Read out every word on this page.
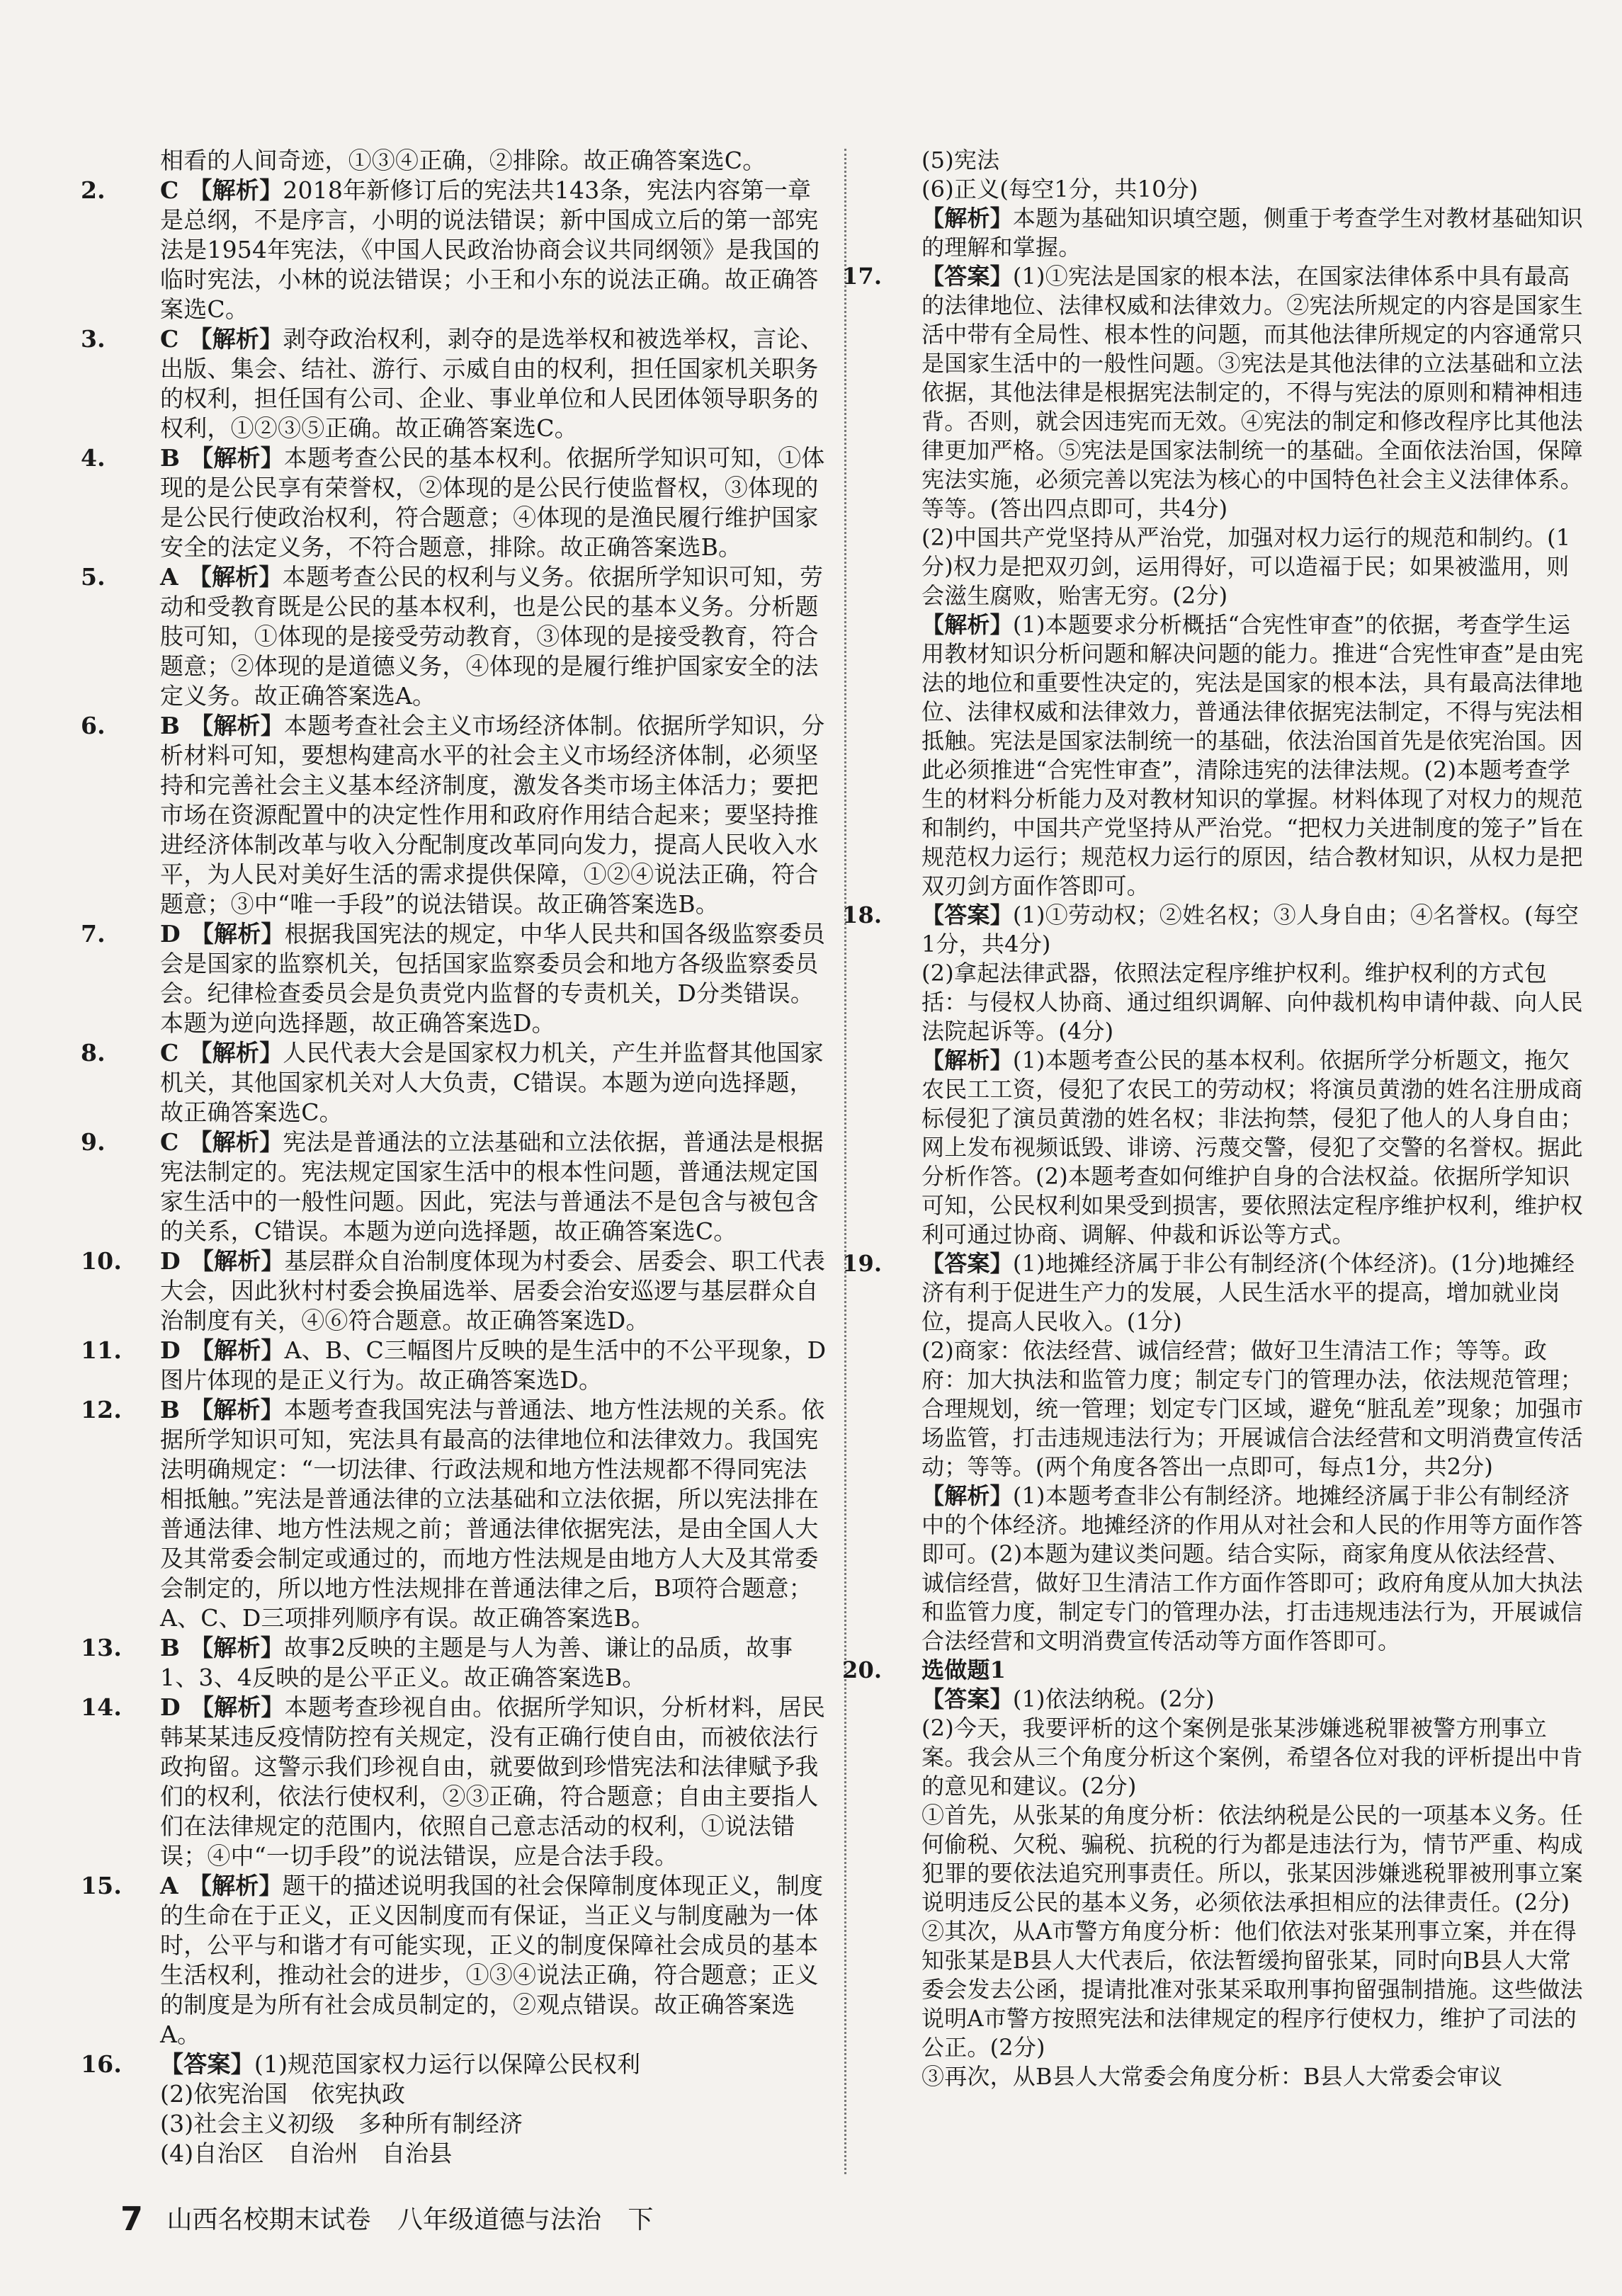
相看的人间奇迹，①③④正确，②排除。故正确答案选C。
2. C 【解析】2018年新修订后的宪法共143条，宪法内容第一章是总纲，不是序言，小明的说法错误；新中国成立后的第一部宪法是1954年宪法，《中国人民政治协商会议共同纲领》是我国的临时宪法，小林的说法错误；小王和小东的说法正确。故正确答案选C。
3. C 【解析】剥夺政治权利，剥夺的是选举权和被选举权，言论、出版、集会、结社、游行、示威自由的权利，担任国家机关职务的权利，担任国有公司、企业、事业单位和人民团体领导职务的权利，①②③⑤正确。故正确答案选C。
4. B 【解析】本题考查公民的基本权利。依据所学知识可知，①体现的是公民享有荣誉权，②体现的是公民行使监督权，③体现的是公民行使政治权利，符合题意；④体现的是渔民履行维护国家安全的法定义务，不符合题意，排除。故正确答案选B。
5. A 【解析】本题考查公民的权利与义务。依据所学知识可知，劳动和受教育既是公民的基本权利，也是公民的基本义务。分析题肢可知，①体现的是接受劳动教育，③体现的是接受教育，符合题意；②体现的是道德义务，④体现的是履行维护国家安全的法定义务。故正确答案选A。
6. B 【解析】本题考查社会主义市场经济体制。依据所学知识，分析材料可知，要想构建高水平的社会主义市场经济体制，必须坚持和完善社会主义基本经济制度，激发各类市场主体活力；要把市场在资源配置中的决定性作用和政府作用结合起来；要坚持推进经济体制改革与收入分配制度改革同向发力，提高人民收入水平，为人民对美好生活的需求提供保障，①②④说法正确，符合题意；③中“唯一手段”的说法错误。故正确答案选B。
7. D 【解析】根据我国宪法的规定，中华人民共和国各级监察委员会是国家的监察机关，包括国家监察委员会和地方各级监察委员会。纪律检查委员会是负责党内监督的专责机关，D分类错误。本题为逆向选择题，故正确答案选D。
8. C 【解析】人民代表大会是国家权力机关，产生并监督其他国家机关，其他国家机关对人大负责，C错误。本题为逆向选择题，故正确答案选C。
9. C 【解析】宪法是普通法的立法基础和立法依据，普通法是根据宪法制定的。宪法规定国家生活中的根本性问题，普通法规定国家生活中的一般性问题。因此，宪法与普通法不是包含与被包含的关系，C错误。本题为逆向选择题，故正确答案选C。
10. D 【解析】基层群众自治制度体现为村委会、居委会、职工代表大会，因此狄村村委会换届选举、居委会治安巡逻与基层群众自治制度有关，④⑥符合题意。故正确答案选D。
11. D 【解析】A、B、C三幅图片反映的是生活中的不公平现象，D图片体现的是正义行为。故正确答案选D。
12. B 【解析】本题考查我国宪法与普通法、地方性法规的关系。依据所学知识可知，宪法具有最高的法律地位和法律效力。我国宪法明确规定：“一切法律、行政法规和地方性法规都不得同宪法相抵触。”宪法是普通法律的立法基础和立法依据，所以宪法排在普通法律、地方性法规之前；普通法律依据宪法，是由全国人大及其常委会制定或通过的，而地方性法规是由地方人大及其常委会制定的，所以地方性法规排在普通法律之后，B项符合题意；A、C、D三项排列顺序有误。故正确答案选B。
13. B 【解析】故事2反映的主题是与人为善、谦让的品质，故事1、3、4反映的是公平正义。故正确答案选B。
14. D 【解析】本题考查珍视自由。依据所学知识，分析材料，居民韩某某违反疫情防控有关规定，没有正确行使自由，而被依法行政拘留。这警示我们珍视自由，就要做到珍惜宪法和法律赋予我们的权利，依法行使权利，②③正确，符合题意；自由主要指人们在法律规定的范围内，依照自己意志活动的权利，①说法错误；④中“一切手段”的说法错误，应是合法手段。
15. A 【解析】题干的描述说明我国的社会保障制度体现正义，制度的生命在于正义，正义因制度而有保证，当正义与制度融为一体时，公平与和谐才有可能实现，正义的制度保障社会成员的基本生活权利，推动社会的进步，①③④说法正确，符合题意；正义的制度是为所有社会成员制定的，②观点错误。故正确答案选A。
16. 【答案】(1)规范国家权力运行以保障公民权利
(2)依宪治国　依宪执政
(3)社会主义初级　多种所有制经济
(4)自治区　自治州　自治县
(5)宪法
(6)正义(每空1分，共10分)
【解析】本题为基础知识填空题，侧重于考查学生对教材基础知识的理解和掌握。
17. 【答案】(1)①宪法是国家的根本法，在国家法律体系中具有最高的法律地位、法律权威和法律效力。②宪法所规定的内容是国家生活中带有全局性、根本性的问题，而其他法律所规定的内容通常只是国家生活中的一般性问题。③宪法是其他法律的立法基础和立法依据，其他法律是根据宪法制定的，不得与宪法的原则和精神相违背。否则，就会因违宪而无效。④宪法的制定和修改程序比其他法律更加严格。⑤宪法是国家法制统一的基础。全面依法治国，保障宪法实施，必须完善以宪法为核心的中国特色社会主义法律体系。等等。(答出四点即可，共4分)
(2)中国共产党坚持从严治党，加强对权力运行的规范和制约。(1分)权力是把双刃剑，运用得好，可以造福于民；如果被滥用，则会滋生腐败，贻害无穷。(2分)
【解析】(1)本题要求分析概括“合宪性审查”的依据，考查学生运用教材知识分析问题和解决问题的能力。推进“合宪性审查”是由宪法的地位和重要性决定的，宪法是国家的根本法，具有最高法律地位、法律权威和法律效力，普通法律依据宪法制定，不得与宪法相抵触。宪法是国家法制统一的基础，依法治国首先是依宪治国。因此必须推进“合宪性审查”，清除违宪的法律法规。(2)本题考查学生的材料分析能力及对教材知识的掌握。材料体现了对权力的规范和制约，中国共产党坚持从严治党。“把权力关进制度的笼子”旨在规范权力运行；规范权力运行的原因，结合教材知识，从权力是把双刃剑方面作答即可。
18. 【答案】(1)①劳动权；②姓名权；③人身自由；④名誉权。(每空1分，共4分)
(2)拿起法律武器，依照法定程序维护权利。维护权利的方式包括：与侵权人协商、通过组织调解、向仲裁机构申请仲裁、向人民法院起诉等。(4分)
【解析】(1)本题考查公民的基本权利。依据所学分析题文，拖欠农民工工资，侵犯了农民工的劳动权；将演员黄渤的姓名注册成商标侵犯了演员黄渤的姓名权；非法拘禁，侵犯了他人的人身自由；网上发布视频诋毁、诽谤、污蔑交警，侵犯了交警的名誉权。据此分析作答。(2)本题考查如何维护自身的合法权益。依据所学知识可知，公民权利如果受到损害，要依照法定程序维护权利，维护权利可通过协商、调解、仲裁和诉讼等方式。
19. 【答案】(1)地摊经济属于非公有制经济(个体经济)。(1分)地摊经济有利于促进生产力的发展，人民生活水平的提高，增加就业岗位，提高人民收入。(1分)
(2)商家：依法经营、诚信经营；做好卫生清洁工作；等等。政府：加大执法和监管力度；制定专门的管理办法，依法规范管理；合理规划，统一管理；划定专门区域，避免“脏乱差”现象；加强市场监管，打击违规违法行为；开展诚信合法经营和文明消费宣传活动；等等。(两个角度各答出一点即可，每点1分，共2分)
【解析】(1)本题考查非公有制经济。地摊经济属于非公有制经济中的个体经济。地摊经济的作用从对社会和人民的作用等方面作答即可。(2)本题为建议类问题。结合实际，商家角度从依法经营、诚信经营，做好卫生清洁工作方面作答即可；政府角度从加大执法和监管力度，制定专门的管理办法，打击违规违法行为，开展诚信合法经营和文明消费宣传活动等方面作答即可。
20. 选做题1
【答案】(1)依法纳税。(2分)
(2)今天，我要评析的这个案例是张某涉嫌逃税罪被警方刑事立案。我会从三个角度分析这个案例，希望各位对我的评析提出中肯的意见和建议。(2分)
①首先，从张某的角度分析：依法纳税是公民的一项基本义务。任何偷税、欠税、骗税、抗税的行为都是违法行为，情节严重、构成犯罪的要依法追究刑事责任。所以，张某因涉嫌逃税罪被刑事立案说明违反公民的基本义务，必须依法承担相应的法律责任。(2分)
②其次，从A市警方角度分析：他们依法对张某刑事立案，并在得知张某是B县人大代表后，依法暂缓拘留张某，同时向B县人大常委会发去公函，提请批准对张某采取刑事拘留强制措施。这些做法说明A市警方按照宪法和法律规定的程序行使权力，维护了司法的公正。(2分)
③再次，从B县人大常委会角度分析：B县人大常委会审议
7 山西名校期末试卷 八年级道德与法治 下
